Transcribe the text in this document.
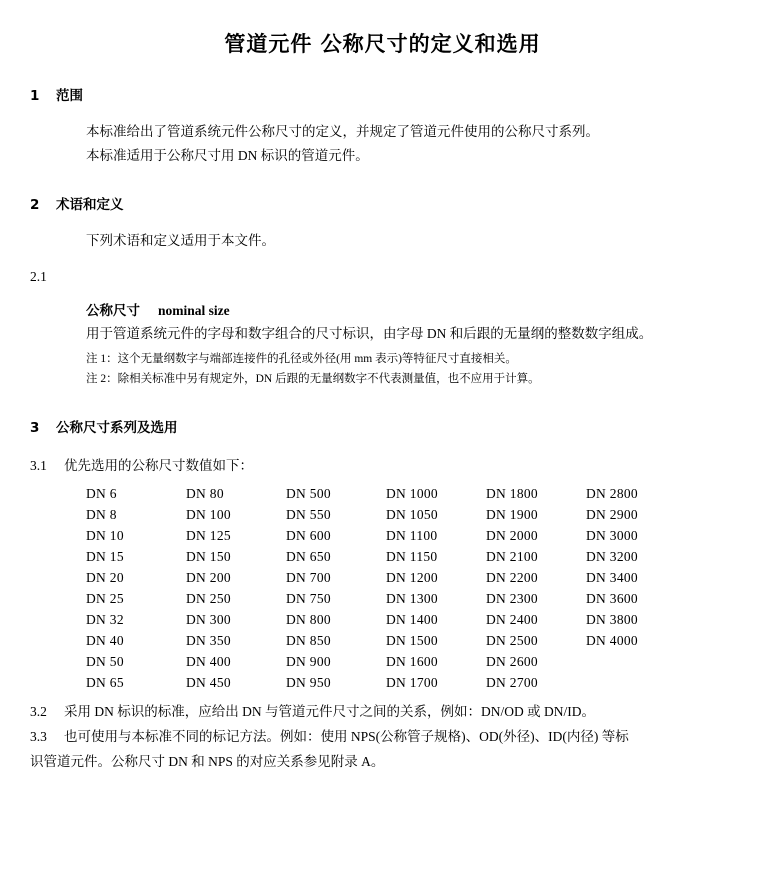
管道元件 公称尺寸的定义和选用
1 范围
本标准给出了管道系统元件公称尺寸的定义，并规定了管道元件使用的公称尺寸系列。
本标准适用于公称尺寸用 DN 标识的管道元件。
2 术语和定义
下列术语和定义适用于本文件。
2.1
公称尺寸 nominal size
用于管道系统元件的字母和数字组合的尺寸标识，由字母 DN 和后跟的无量纲的整数数字组成。
注 1：这个无量纲数字与端部连接件的孔径或外径(用 mm 表示)等特征尺寸直接相关。
注 2：除相关标准中另有规定外，DN 后跟的无量纲数字不代表测量值，也不应用于计算。
3 公称尺寸系列及选用
3.1 优先选用的公称尺寸数值如下：
DN 6	DN 80	DN 500	DN 1000	DN 1800	DN 2800
DN 8	DN 100	DN 550	DN 1050	DN 1900	DN 2900
DN 10	DN 125	DN 600	DN 1100	DN 2000	DN 3000
DN 15	DN 150	DN 650	DN 1150	DN 2100	DN 3200
DN 20	DN 200	DN 700	DN 1200	DN 2200	DN 3400
DN 25	DN 250	DN 750	DN 1300	DN 2300	DN 3600
DN 32	DN 300	DN 800	DN 1400	DN 2400	DN 3800
DN 40	DN 350	DN 850	DN 1500	DN 2500	DN 4000
DN 50	DN 400	DN 900	DN 1600	DN 2600	
DN 65	DN 450	DN 950	DN 1700	DN 2700	
3.2 采用 DN 标识的标准，应给出 DN 与管道元件尺寸之间的关系，例如：DN/OD 或 DN/ID。
3.3 也可使用与本标准不同的标记方法。例如：使用 NPS(公称管子规格)、OD(外径)、ID(内径) 等标
识管道元件。公称尺寸 DN 和 NPS 的对应关系参见附录 A。
